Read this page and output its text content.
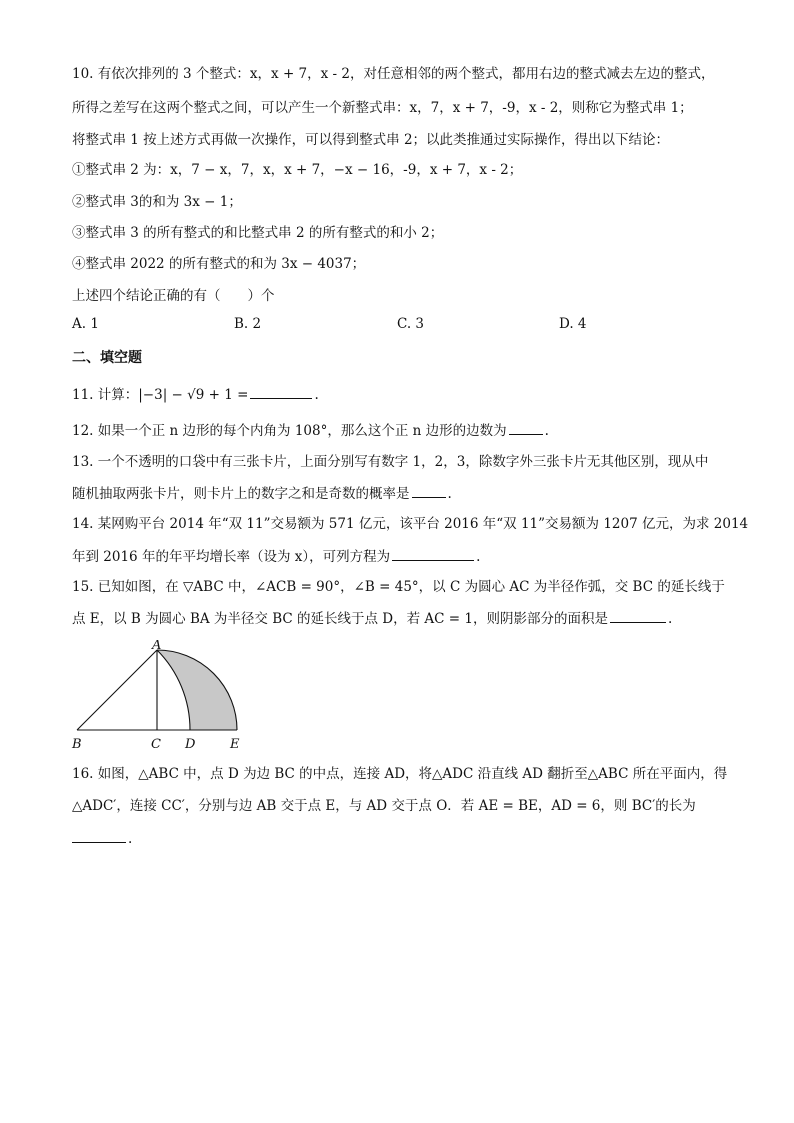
10. 有依次排列的 3 个整式：x，x + 7，x - 2，对任意相邻的两个整式，都用右边的整式减去左边的整式，
所得之差写在这两个整式之间，可以产生一个新整式串：x，7，x + 7，-9，x - 2，则称它为整式串 1；
将整式串 1 按上述方式再做一次操作，可以得到整式串 2；以此类推通过实际操作，得出以下结论：
①整式串 2 为：x，7 − x，7，x，x + 7，−x − 16，-9，x + 7，x - 2；
②整式串 3的和为 3x − 1；
③整式串 3 的所有整式的和比整式串 2 的所有整式的和小 2；
④整式串 2022 的所有整式的和为 3x − 4037；
上述四个结论正确的有（　　）个
A. 1	B. 2	C. 3	D. 4
二、填空题
11. 计算：|−3| − √9 + 1 =	.
12. 如果一个正 n 边形的每个内角为 108°，那么这个正 n 边形的边数为	.
13. 一个不透明的口袋中有三张卡片，上面分别写有数字 1，2，3，除数字外三张卡片无其他区别，现从中
随机抽取两张卡片，则卡片上的数字之和是奇数的概率是	.
14. 某网购平台 2014 年“双 11”交易额为 571 亿元，该平台 2016 年“双 11”交易额为 1207 亿元，为求 2014
年到 2016 年的年平均增长率（设为 x），可列方程为	.
15. 已知如图，在 ▽ABC 中，∠ACB = 90°，∠B = 45°，以 C 为圆心 AC 为半径作弧，交 BC 的延长线于
点 E，以 B 为圆心 BA 为半径交 BC 的延长线于点 D，若 AC = 1，则阴影部分的面积是	.
A
B	C D	E
16. 如图，△ABC 中，点 D 为边 BC 的中点，连接 AD，将△ADC 沿直线 AD 翻折至△ABC 所在平面内，得
△ADC′，连接 CC′，分别与边 AB 交于点 E，与 AD 交于点 O．若 AE = BE，AD = 6，则 BC′的长为
.
